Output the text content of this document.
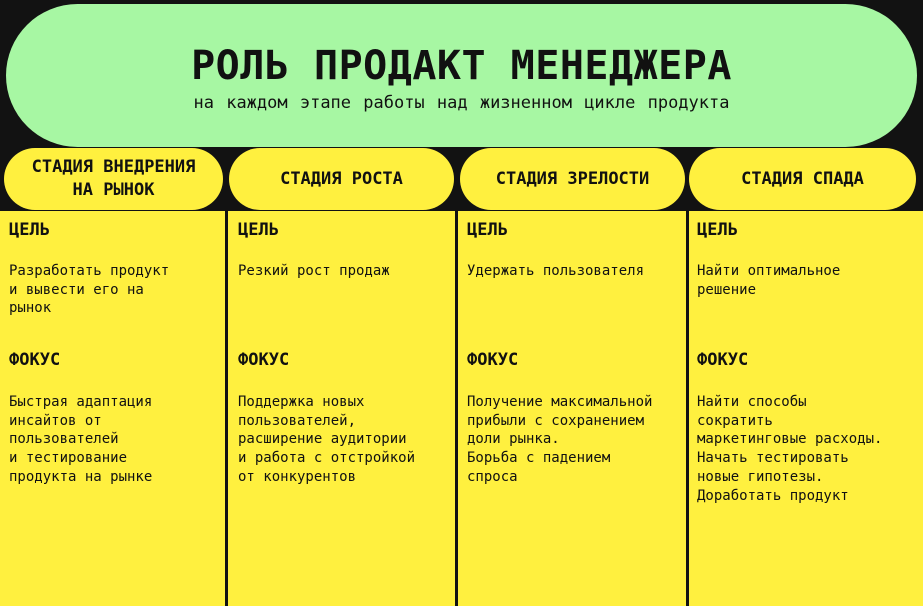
РОЛЬ ПРОДАКТ МЕНЕДЖЕРА
на каждом этапе работы над жизненном цикле продукта
СТАДИЯ ВНЕДРЕНИЯ
НА РЫНОК
СТАДИЯ РОСТА	СТАДИЯ ЗРЕЛОСТИ	СТАДИЯ СПАДА
ЦЕЛЬ
Разработать продукт
и вывести его на
рынок
ФОКУС
Быстрая адаптация
инсайтов от
пользователей
и тестирование
продукта на рынке
ЦЕЛЬ
Резкий рост продаж
ФОКУС
Поддержка новых
пользователей,
расширение аудитории
и работа с отстройкой
от конкурентов
ЦЕЛЬ
Удержать пользователя
ФОКУС
Получение максимальной
прибыли с сохранением
доли рынка.
Борьба с падением
спроса
ЦЕЛЬ
Найти оптимальное
решение
ФОКУС
Найти способы
сократить
маркетинговые расходы.
Начать тестировать
новые гипотезы.
Доработать продукт
